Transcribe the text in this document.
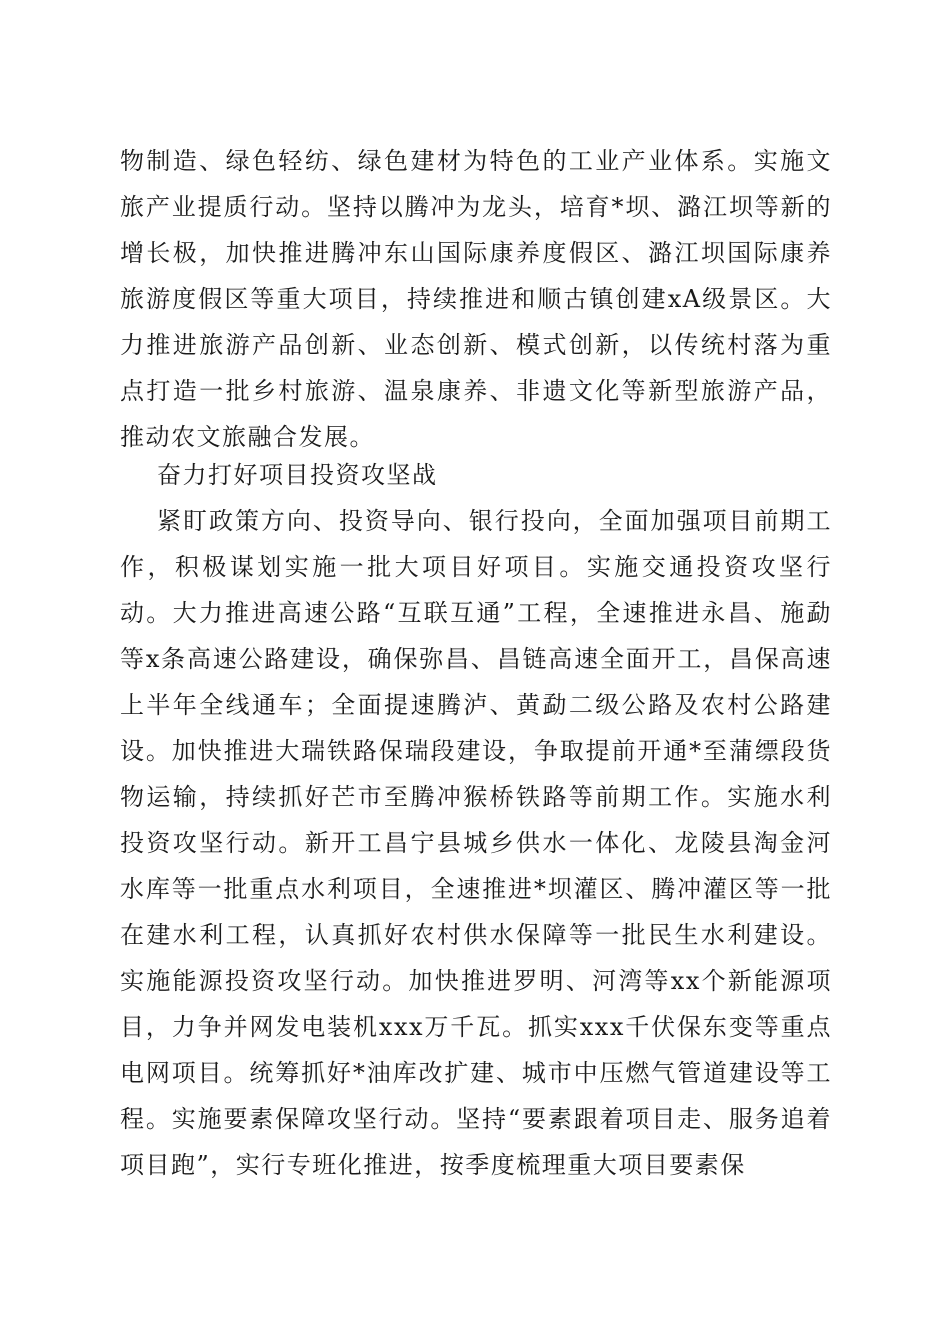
物制造、绿色轻纺、绿色建材为特色的工业产业体系。实施文旅产业提质行动。坚持以腾冲为龙头，培育*坝、潞江坝等新的增长极，加快推进腾冲东山国际康养度假区、潞江坝国际康养旅游度假区等重大项目，持续推进和顺古镇创建xA级景区。大力推进旅游产品创新、业态创新、模式创新，以传统村落为重点打造一批乡村旅游、温泉康养、非遗文化等新型旅游产品，推动农文旅融合发展。

奋力打好项目投资攻坚战

紧盯政策方向、投资导向、银行投向，全面加强项目前期工作，积极谋划实施一批大项目好项目。实施交通投资攻坚行动。大力推进高速公路“互联互通”工程，全速推进永昌、施勐等x条高速公路建设，确保弥昌、昌链高速全面开工，昌保高速上半年全线通车；全面提速腾泸、黄勐二级公路及农村公路建设。加快推进大瑞铁路保瑞段建设，争取提前开通*至蒲缥段货物运输，持续抓好芒市至腾冲猴桥铁路等前期工作。实施水利投资攻坚行动。新开工昌宁县城乡供水一体化、龙陵县淘金河水库等一批重点水利项目，全速推进*坝灌区、腾冲灌区等一批在建水利工程，认真抓好农村供水保障等一批民生水利建设。实施能源投资攻坚行动。加快推进罗明、河湾等xx个新能源项目，力争并网发电装机xxx万千瓦。抓实xxx千伏保东变等重点电网项目。统筹抓好*油库改扩建、城市中压燃气管道建设等工程。实施要素保障攻坚行动。坚持“要素跟着项目走、服务追着项目跑”，实行专班化推进，按季度梳理重大项目要素保
